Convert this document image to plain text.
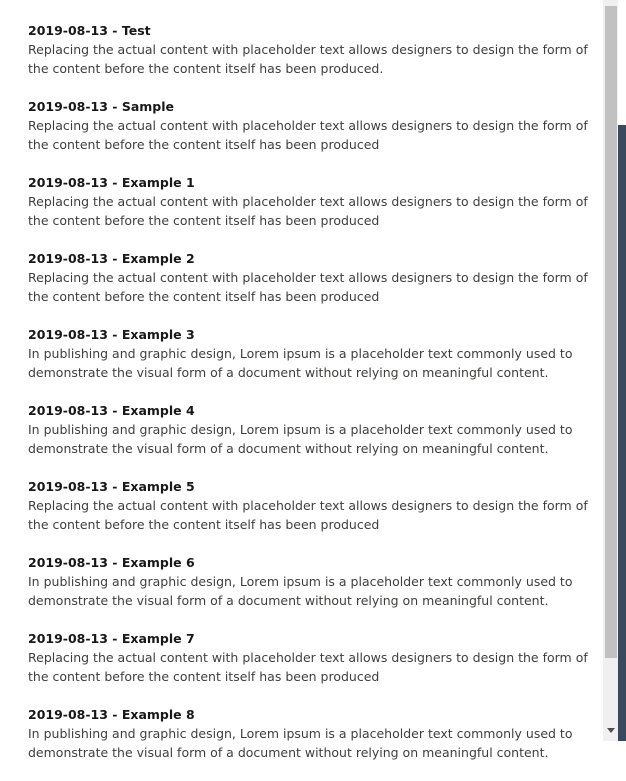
2019-08-13 - Test
Replacing the actual content with placeholder text allows designers to design the form of the content before the content itself has been produced.
2019-08-13 - Sample
Replacing the actual content with placeholder text allows designers to design the form of the content before the content itself has been produced
2019-08-13 - Example 1
Replacing the actual content with placeholder text allows designers to design the form of the content before the content itself has been produced
2019-08-13 - Example 2
Replacing the actual content with placeholder text allows designers to design the form of the content before the content itself has been produced
2019-08-13 - Example 3
In publishing and graphic design, Lorem ipsum is a placeholder text commonly used to demonstrate the visual form of a document without relying on meaningful content.
2019-08-13 - Example 4
In publishing and graphic design, Lorem ipsum is a placeholder text commonly used to demonstrate the visual form of a document without relying on meaningful content.
2019-08-13 - Example 5
Replacing the actual content with placeholder text allows designers to design the form of the content before the content itself has been produced
2019-08-13 - Example 6
In publishing and graphic design, Lorem ipsum is a placeholder text commonly used to demonstrate the visual form of a document without relying on meaningful content.
2019-08-13 - Example 7
Replacing the actual content with placeholder text allows designers to design the form of the content before the content itself has been produced
2019-08-13 - Example 8
In publishing and graphic design, Lorem ipsum is a placeholder text commonly used to demonstrate the visual form of a document without relying on meaningful content.
